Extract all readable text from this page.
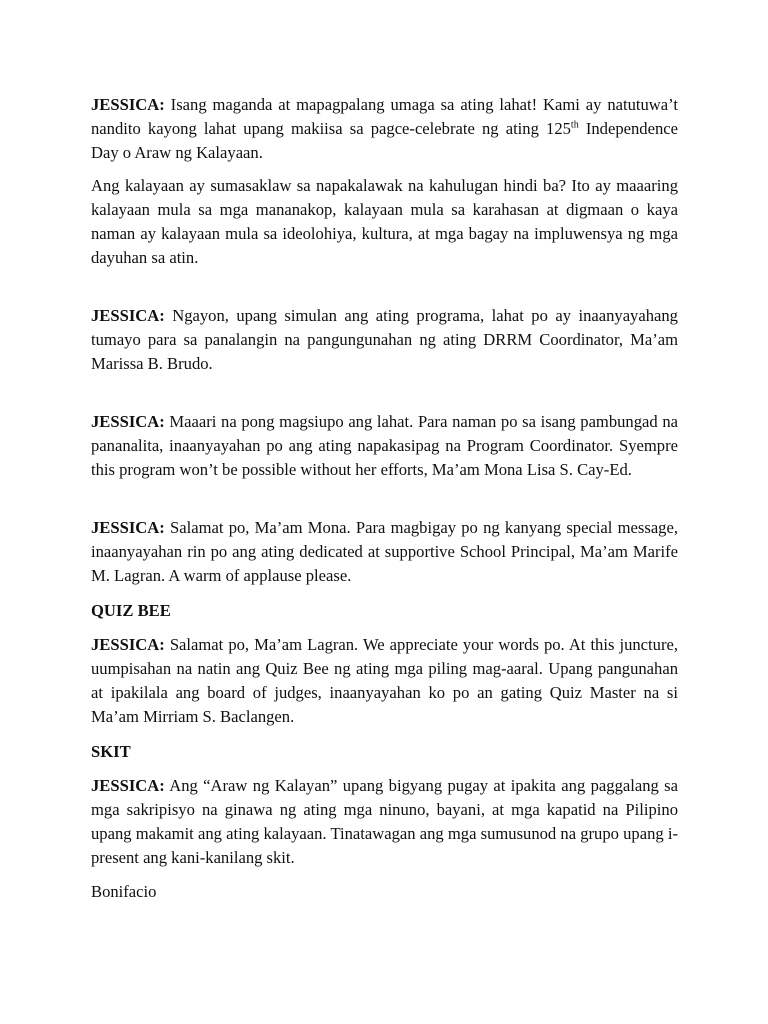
JESSICA: Isang maganda at mapagpalang umaga sa ating lahat! Kami ay natutuwa’t nandito kayong lahat upang makiisa sa pagce-celebrate ng ating 125th Independence Day o Araw ng Kalayaan.

Ang kalayaan ay sumasaklaw sa napakalawak na kahulugan hindi ba? Ito ay maaaring kalayaan mula sa mga mananakop, kalayaan mula sa karahasan at digmaan o kaya naman ay kalayaan mula sa ideolohiya, kultura, at mga bagay na impluwensya ng mga dayuhan sa atin.

JESSICA: Ngayon, upang simulan ang ating programa, lahat po ay inaanyayahang tumayo para sa panalangin na pangungunahan ng ating DRRM Coordinator, Ma’am Marissa B. Brudo.

JESSICA: Maaari na pong magsiupo ang lahat. Para naman po sa isang pambungad na pananalita, inaanyayahan po ang ating napakasipag na Program Coordinator. Syempre this program won’t be possible without her efforts, Ma’am Mona Lisa S. Cay-Ed.

JESSICA: Salamat po, Ma’am Mona. Para magbigay po ng kanyang special message, inaanyayahan rin po ang ating dedicated at supportive School Principal, Ma’am Marife M. Lagran. A warm of applause please.

QUIZ BEE

JESSICA: Salamat po, Ma’am Lagran. We appreciate your words po. At this juncture, uumpisahan na natin ang Quiz Bee ng ating mga piling mag-aaral. Upang pangunahan at ipakilala ang board of judges, inaanyayahan ko po an gating Quiz Master na si Ma’am Mirriam S. Baclangen.

SKIT

JESSICA: Ang “Araw ng Kalayan” upang bigyang pugay at ipakita ang paggalang sa mga sakripisyo na ginawa ng ating mga ninuno, bayani, at mga kapatid na Pilipino upang makamit ang ating kalayaan. Tinatawagan ang mga sumusunod na grupo upang i-present ang kani-kanilang skit.

Bonifacio
